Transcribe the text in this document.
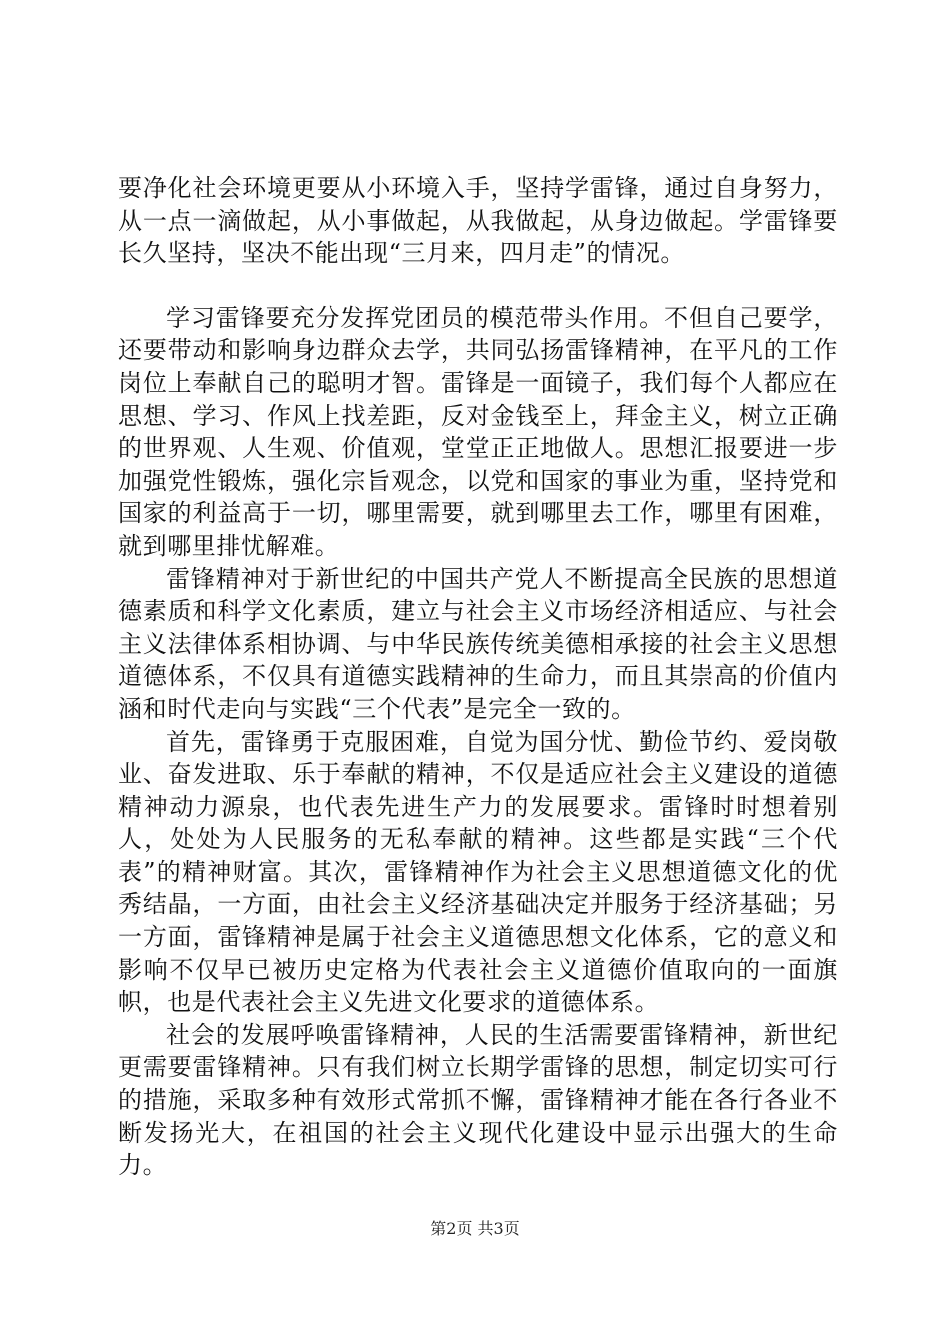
要净化社会环境更要从小环境入手，坚持学雷锋，通过自身努力，从一点一滴做起，从小事做起，从我做起，从身边做起。学雷锋要长久坚持，坚决不能出现“三月来，四月走”的情况。

学习雷锋要充分发挥党团员的模范带头作用。不但自己要学，还要带动和影响身边群众去学，共同弘扬雷锋精神，在平凡的工作岗位上奉献自己的聪明才智。雷锋是一面镜子，我们每个人都应在思想、学习、作风上找差距，反对金钱至上，拜金主义，树立正确的世界观、人生观、价值观，堂堂正正地做人。思想汇报要进一步加强党性锻炼，强化宗旨观念，以党和国家的事业为重，坚持党和国家的利益高于一切，哪里需要，就到哪里去工作，哪里有困难，就到哪里排忧解难。

雷锋精神对于新世纪的中国共产党人不断提高全民族的思想道德素质和科学文化素质，建立与社会主义市场经济相适应、与社会主义法律体系相协调、与中华民族传统美德相承接的社会主义思想道德体系，不仅具有道德实践精神的生命力，而且其崇高的价值内涵和时代走向与实践“三个代表”是完全一致的。

首先，雷锋勇于克服困难，自觉为国分忧、勤俭节约、爱岗敬业、奋发进取、乐于奉献的精神，不仅是适应社会主义建设的道德精神动力源泉，也代表先进生产力的发展要求。雷锋时时想着别人，处处为人民服务的无私奉献的精神。这些都是实践“三个代表”的精神财富。其次，雷锋精神作为社会主义思想道德文化的优秀结晶，一方面，由社会主义经济基础决定并服务于经济基础；另一方面，雷锋精神是属于社会主义道德思想文化体系，它的意义和影响不仅早已被历史定格为代表社会主义道德价值取向的一面旗帜，也是代表社会主义先进文化要求的道德体系。

社会的发展呼唤雷锋精神，人民的生活需要雷锋精神，新世纪更需要雷锋精神。只有我们树立长期学雷锋的思想，制定切实可行的措施，采取多种有效形式常抓不懈，雷锋精神才能在各行各业不断发扬光大，在祖国的社会主义现代化建设中显示出强大的生命力。

第2页 共3页
